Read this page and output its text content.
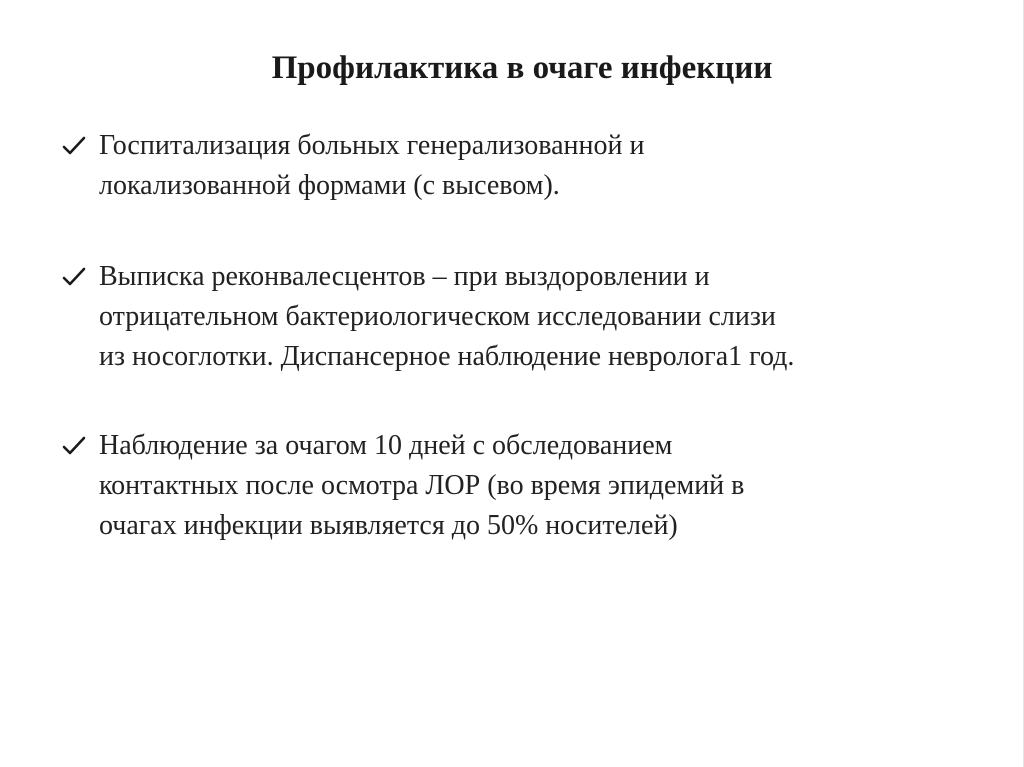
Профилактика в очаге инфекции
Госпитализация больных генерализованной и
локализованной формами (с высевом).
Выписка реконвалесцентов – при выздоровлении и
отрицательном бактериологическом исследовании слизи
из носоглотки. Диспансерное наблюдение невролога1 год.
Наблюдение за очагом 10 дней с обследованием
контактных после осмотра ЛОР (во время эпидемий в
очагах инфекции выявляется до 50% носителей)
